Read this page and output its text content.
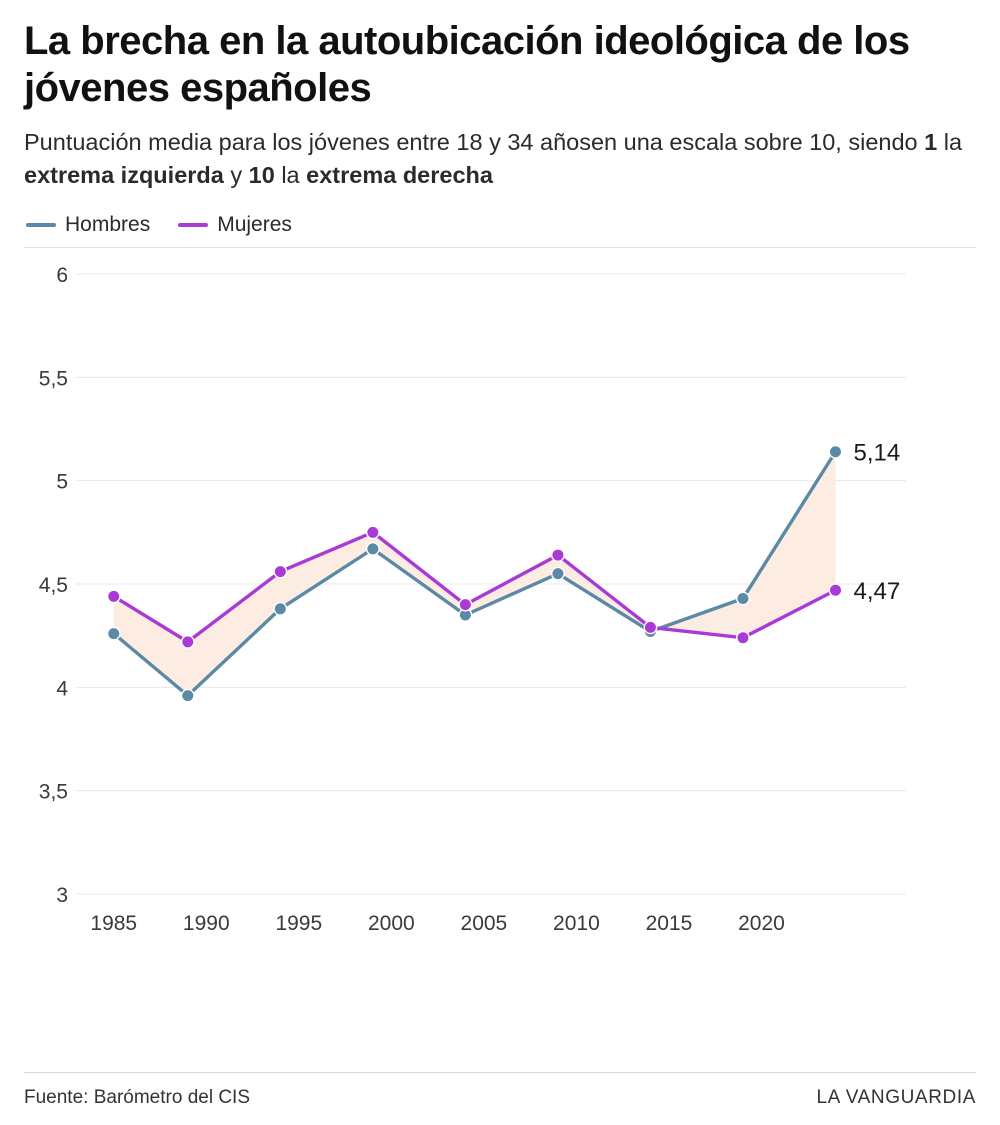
La brecha en la autoubicación ideológica de los jóvenes españoles

Puntuación media para los jóvenes entre 18 y 34 añosen una escala sobre 10, siendo 1 la extrema izquierda y 10 la extrema derecha

Hombres	Mujeres
3
3,5
4
4,5
5
5,5
6
1985 1990 1995 2000 2005 2010 2015 2020
5,14
4,47
Fuente: Barómetro del CIS	LA VANGUARDIA
